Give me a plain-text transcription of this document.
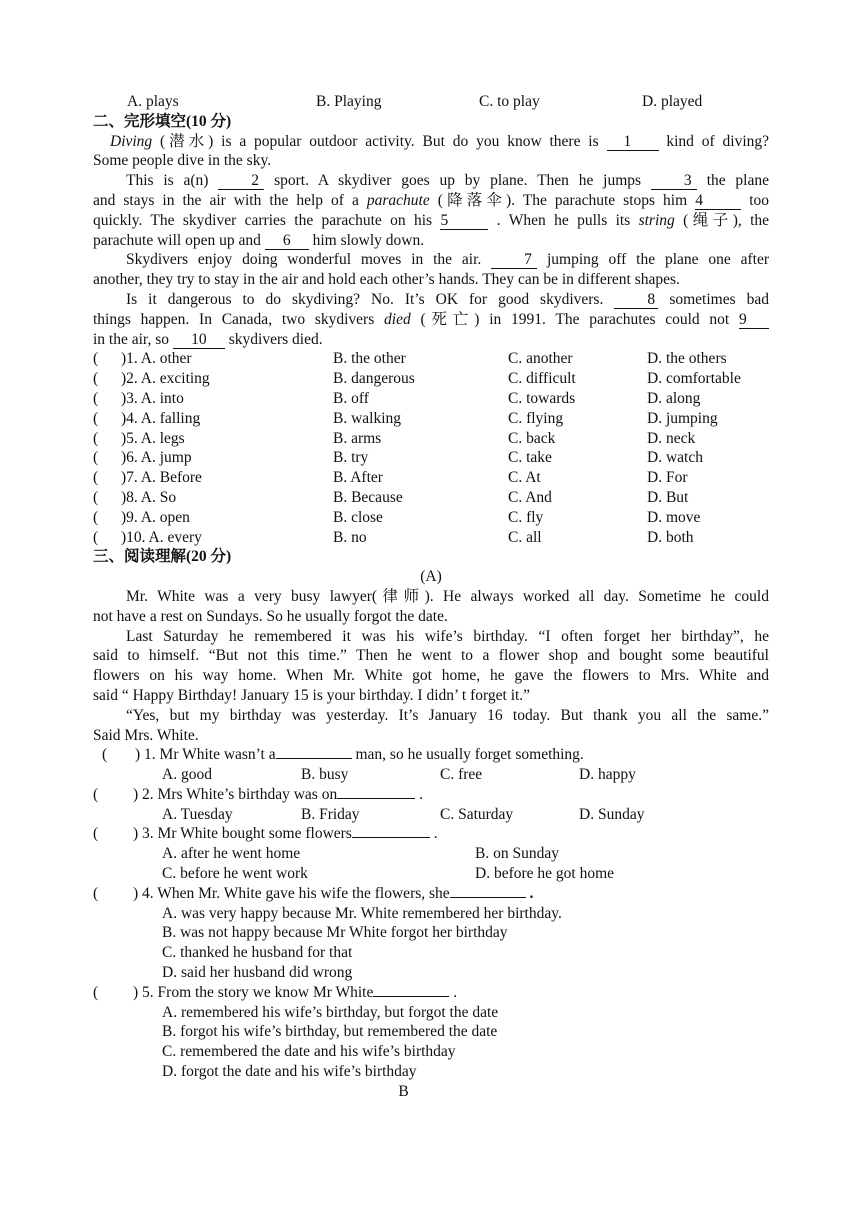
A. plays	B. Playing	C. to play	D. played
二、完形填空(10 分)
Diving (潜水) is a popular outdoor activity. But do you know there is 1 kind of diving?
Some people dive in the sky.
This is a(n)	2 sport. A skydiver goes up by plane. Then he jumps	3 the plane
and stays in the air with the help of a parachute (降落伞). The parachute stops him 4	too
quickly. The skydiver carries the parachute on his 5	. When he pulls its string (绳子), the
parachute will open up and 6 him slowly down.
Skydivers enjoy doing wonderful moves in the air.	7 jumping off the plane one after
another, they try to stay in the air and hold each other’s hands. They can be in different shapes.
Is it dangerous to do skydiving? No. It’s OK for good skydivers.	8 sometimes bad
things happen. In Canada, two skydivers died (死亡) in 1991. The parachutes could not 9
in the air, so 10 skydivers died.
( )1. A. other	B. the other	C. another	D. the others
( )2. A. exciting	B. dangerous	C. difficult	D. comfortable
( )3. A. into	B. off	C. towards	D. along
( )4. A. falling	B. walking	C. flying	D. jumping
( )5. A. legs	B. arms	C. back	D. neck
( )6. A. jump	B. try	C. take	D. watch
( )7. A. Before	B. After	C. At	D. For
( )8. A. So	B. Because	C. And	D. But
( )9. A. open	B. close	C. fly	D. move
( )10. A. every	B. no	C. all	D. both
三、阅读理解(20 分)
(A)
Mr. White was a very busy lawyer(律师). He always worked all day. Sometime he could
not have a rest on Sundays. So he usually forgot the date.
Last Saturday he remembered it was his wife’s birthday. “I often forget her birthday”, he
said to himself. “But not this time.” Then he went to a flower shop and bought some beautiful
flowers on his way home. When Mr. White got home, he gave the flowers to Mrs. White and
said “ Happy Birthday! January 15 is your birthday. I didn’ t forget it.”
“Yes, but my birthday was yesterday. It’s January 16 today. But thank you all the same.”
Said Mrs. White.
( ) 1. Mr White wasn’t a	man, so he usually forget something.
A. good	B. busy	C. free	D. happy
( ) 2. Mrs White’s birthday was on	.
A. Tuesday	B. Friday	C. Saturday	D. Sunday
( ) 3. Mr White bought some flowers	.
A. after he went home	B. on Sunday
C. before he went work	D. before he got home
( ) 4. When Mr. White gave his wife the flowers, she	.
A. was very happy because Mr. White remembered her birthday.
B. was not happy because Mr White forgot her birthday
C. thanked he husband for that
D. said her husband did wrong
( ) 5. From the story we know Mr White	.
A. remembered his wife’s birthday, but forgot the date
B. forgot his wife’s birthday, but remembered the date
C. remembered the date and his wife’s birthday
D. forgot the date and his wife’s birthday
B
